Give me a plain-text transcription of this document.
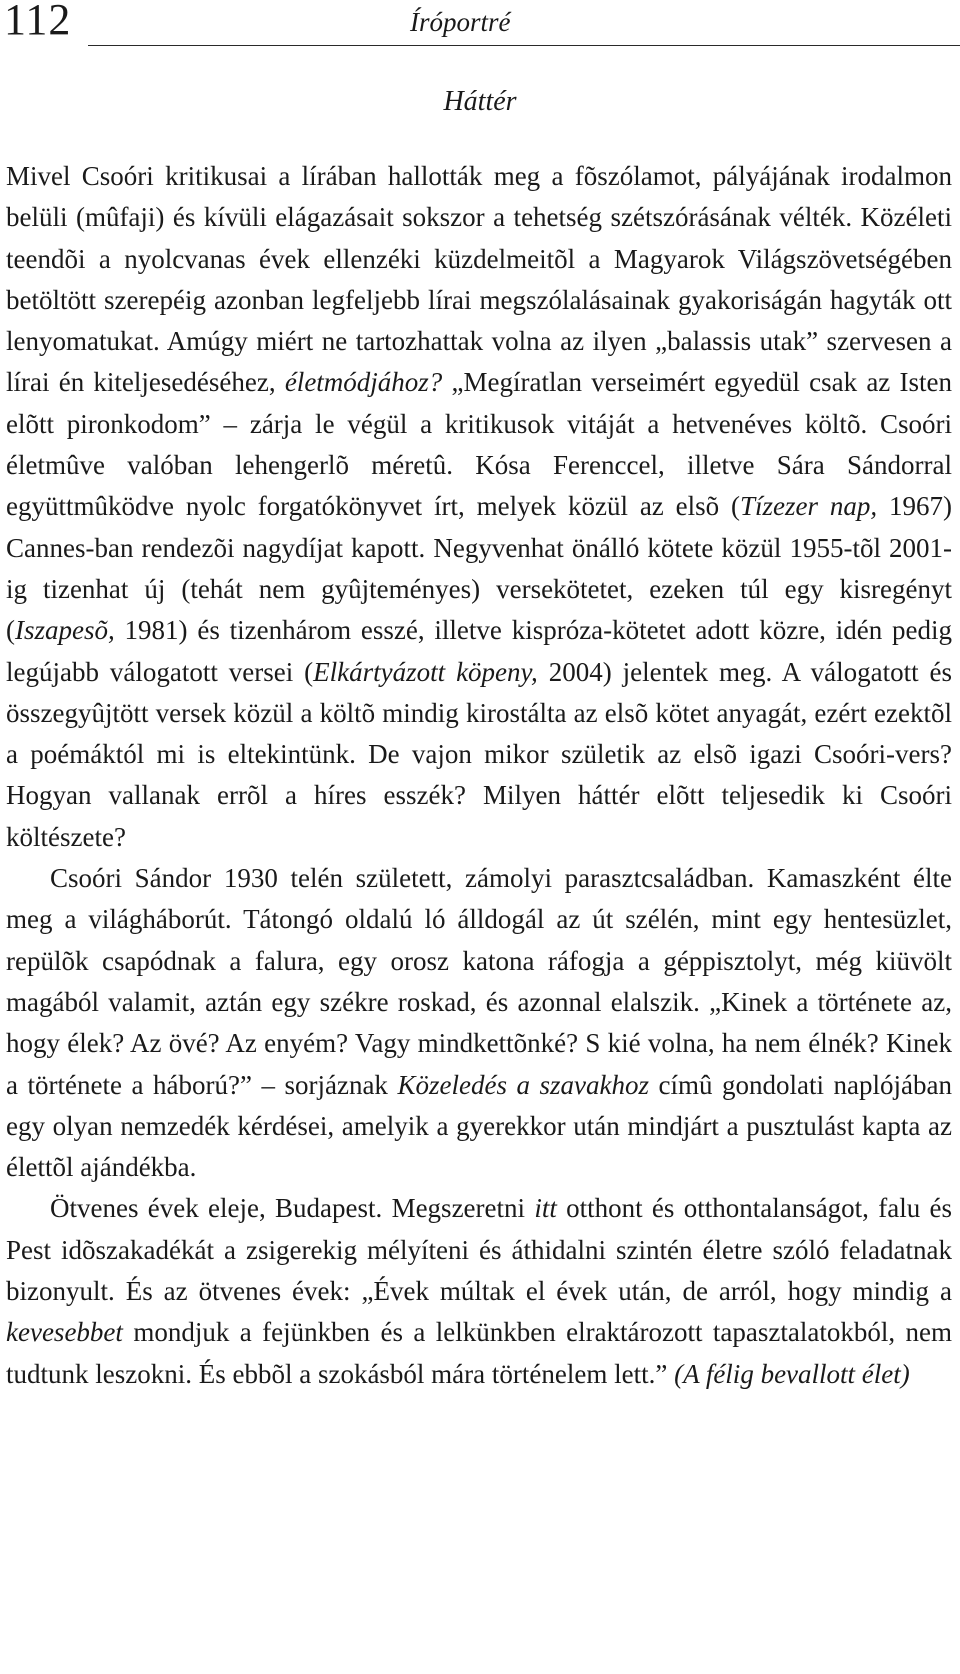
112	Íróportré
Háttér

Mivel Csoóri kritikusai a lírában hallották meg a fõszólamot, pályájának irodalmon belüli (mûfaji) és kívüli elágazásait sokszor a tehetség szétszórásának vélték. Közéleti teendõi a nyolcvanas évek ellenzéki küzdelmeitõl a Magyarok Világszövetségében betöltött szerepéig azonban legfeljebb lírai megszólalásainak gyakoriságán hagyták ott lenyomatukat. Amúgy miért ne tartozhattak volna az ilyen „balassis utak” szervesen a lírai én kiteljesedéséhez, életmódjához? „Megíratlan verseimért egyedül csak az Isten elõtt pironkodom” – zárja le végül a kritikusok vitáját a hetvenéves költõ. Csoóri életmûve valóban lehengerlõ méretû. Kósa Ferenccel, illetve Sára Sándorral együttmûködve nyolc forgatókönyvet írt, melyek közül az elsõ (Tízezer nap, 1967) Cannes-ban rendezõi nagydíjat kapott. Negyvenhat önálló kötete közül 1955-tõl 2001-ig tizenhat új (tehát nem gyûjteményes) versekötetet, ezeken túl egy kisregényt (Iszapesõ, 1981) és tizenhárom esszé, illetve kispróza-kötetet adott közre, idén pedig legújabb válogatott versei (Elkártyázott köpeny, 2004) jelentek meg. A válogatott és összegyûjtött versek közül a költõ mindig kirostálta az elsõ kötet anyagát, ezért ezektõl a poémáktól mi is eltekintünk. De vajon mikor születik az elsõ igazi Csoóri-vers? Hogyan vallanak errõl a híres esszék? Milyen háttér elõtt teljesedik ki Csoóri költészete?

Csoóri Sándor 1930 telén született, zámolyi parasztcsaládban. Kamaszként élte meg a világháborút. Tátongó oldalú ló álldogál az út szélén, mint egy hentesüzlet, repülõk csapódnak a falura, egy orosz katona ráfogja a géppisztolyt, még kiüvölt magából valamit, aztán egy székre roskad, és azonnal elalszik. „Kinek a története az, hogy élek? Az övé? Az enyém? Vagy mindkettõnké? S kié volna, ha nem élnék? Kinek a története a háború?” – sorjáznak Közeledés a szavakhoz címû gondolati naplójában egy olyan nemzedék kérdései, amelyik a gyerekkor után mindjárt a pusztulást kapta az élettõl ajándékba.

Ötvenes évek eleje, Budapest. Megszeretni itt otthont és otthontalanságot, falu és Pest idõszakadékát a zsigerekig mélyíteni és áthidalni szintén életre szóló feladatnak bizonyult. És az ötvenes évek: „Évek múltak el évek után, de arról, hogy mindig a kevesebbet mondjuk a fejünkben és a lelkünkben elraktározott tapasztalatokból, nem tudtunk leszokni. És ebbõl a szokásból mára történelem lett.” (A félig bevallott élet)
